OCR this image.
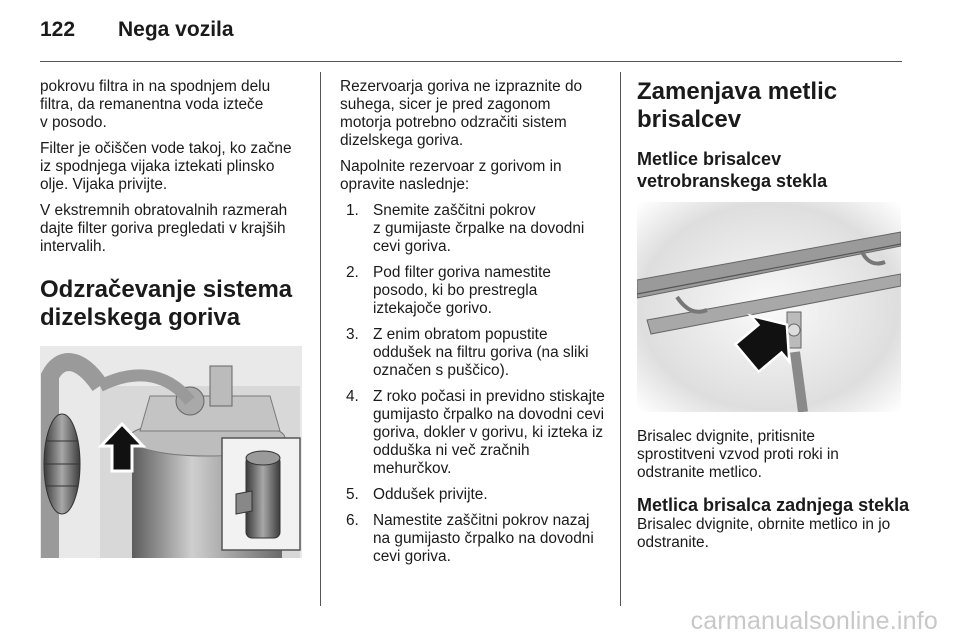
122 Nega vozila

pokrovu filtra in na spodnjem delu
filtra, da remanentna voda izteče
v posodo.

Filter je očiščen vode takoj, ko začne
iz spodnjega vijaka iztekati plinsko
olje. Vijaka privijte.

V ekstremnih obratovalnih razmerah
dajte filter goriva pregledati v krajših
intervalih.

Odzračevanje sistema
dizelskega goriva

Rezervoarja goriva ne izpraznite do
suhega, sicer je pred zagonom
motorja potrebno odzračiti sistem
dizelskega goriva.

Napolnite rezervoar z gorivom in
opravite naslednje:

1. Snemite zaščitni pokrov
z gumijaste črpalke na dovodni
cevi goriva.
2. Pod filter goriva namestite
posodo, ki bo prestregla
iztekajoče gorivo.
3. Z enim obratom popustite
oddušek na filtru goriva (na sliki
označen s puščico).
4. Z roko počasi in previdno stiskajte
gumijasto črpalko na dovodni cevi
goriva, dokler v gorivu, ki izteka iz
odduška ni več zračnih
mehurčkov.
5. Oddušek privijte.
6. Namestite zaščitni pokrov nazaj
na gumijasto črpalko na dovodni
cevi goriva.
Zamenjava metlic
brisalcev
Metlice brisalcev
vetrobranskega stekla

Brisalec dvignite, pritisnite
sprostitveni vzvod proti roki in
odstranite metlico.

Metlica brisalca zadnjega stekla

Brisalec dvignite, obrnite metlico in jo
odstranite.

carmanualsonline.info
